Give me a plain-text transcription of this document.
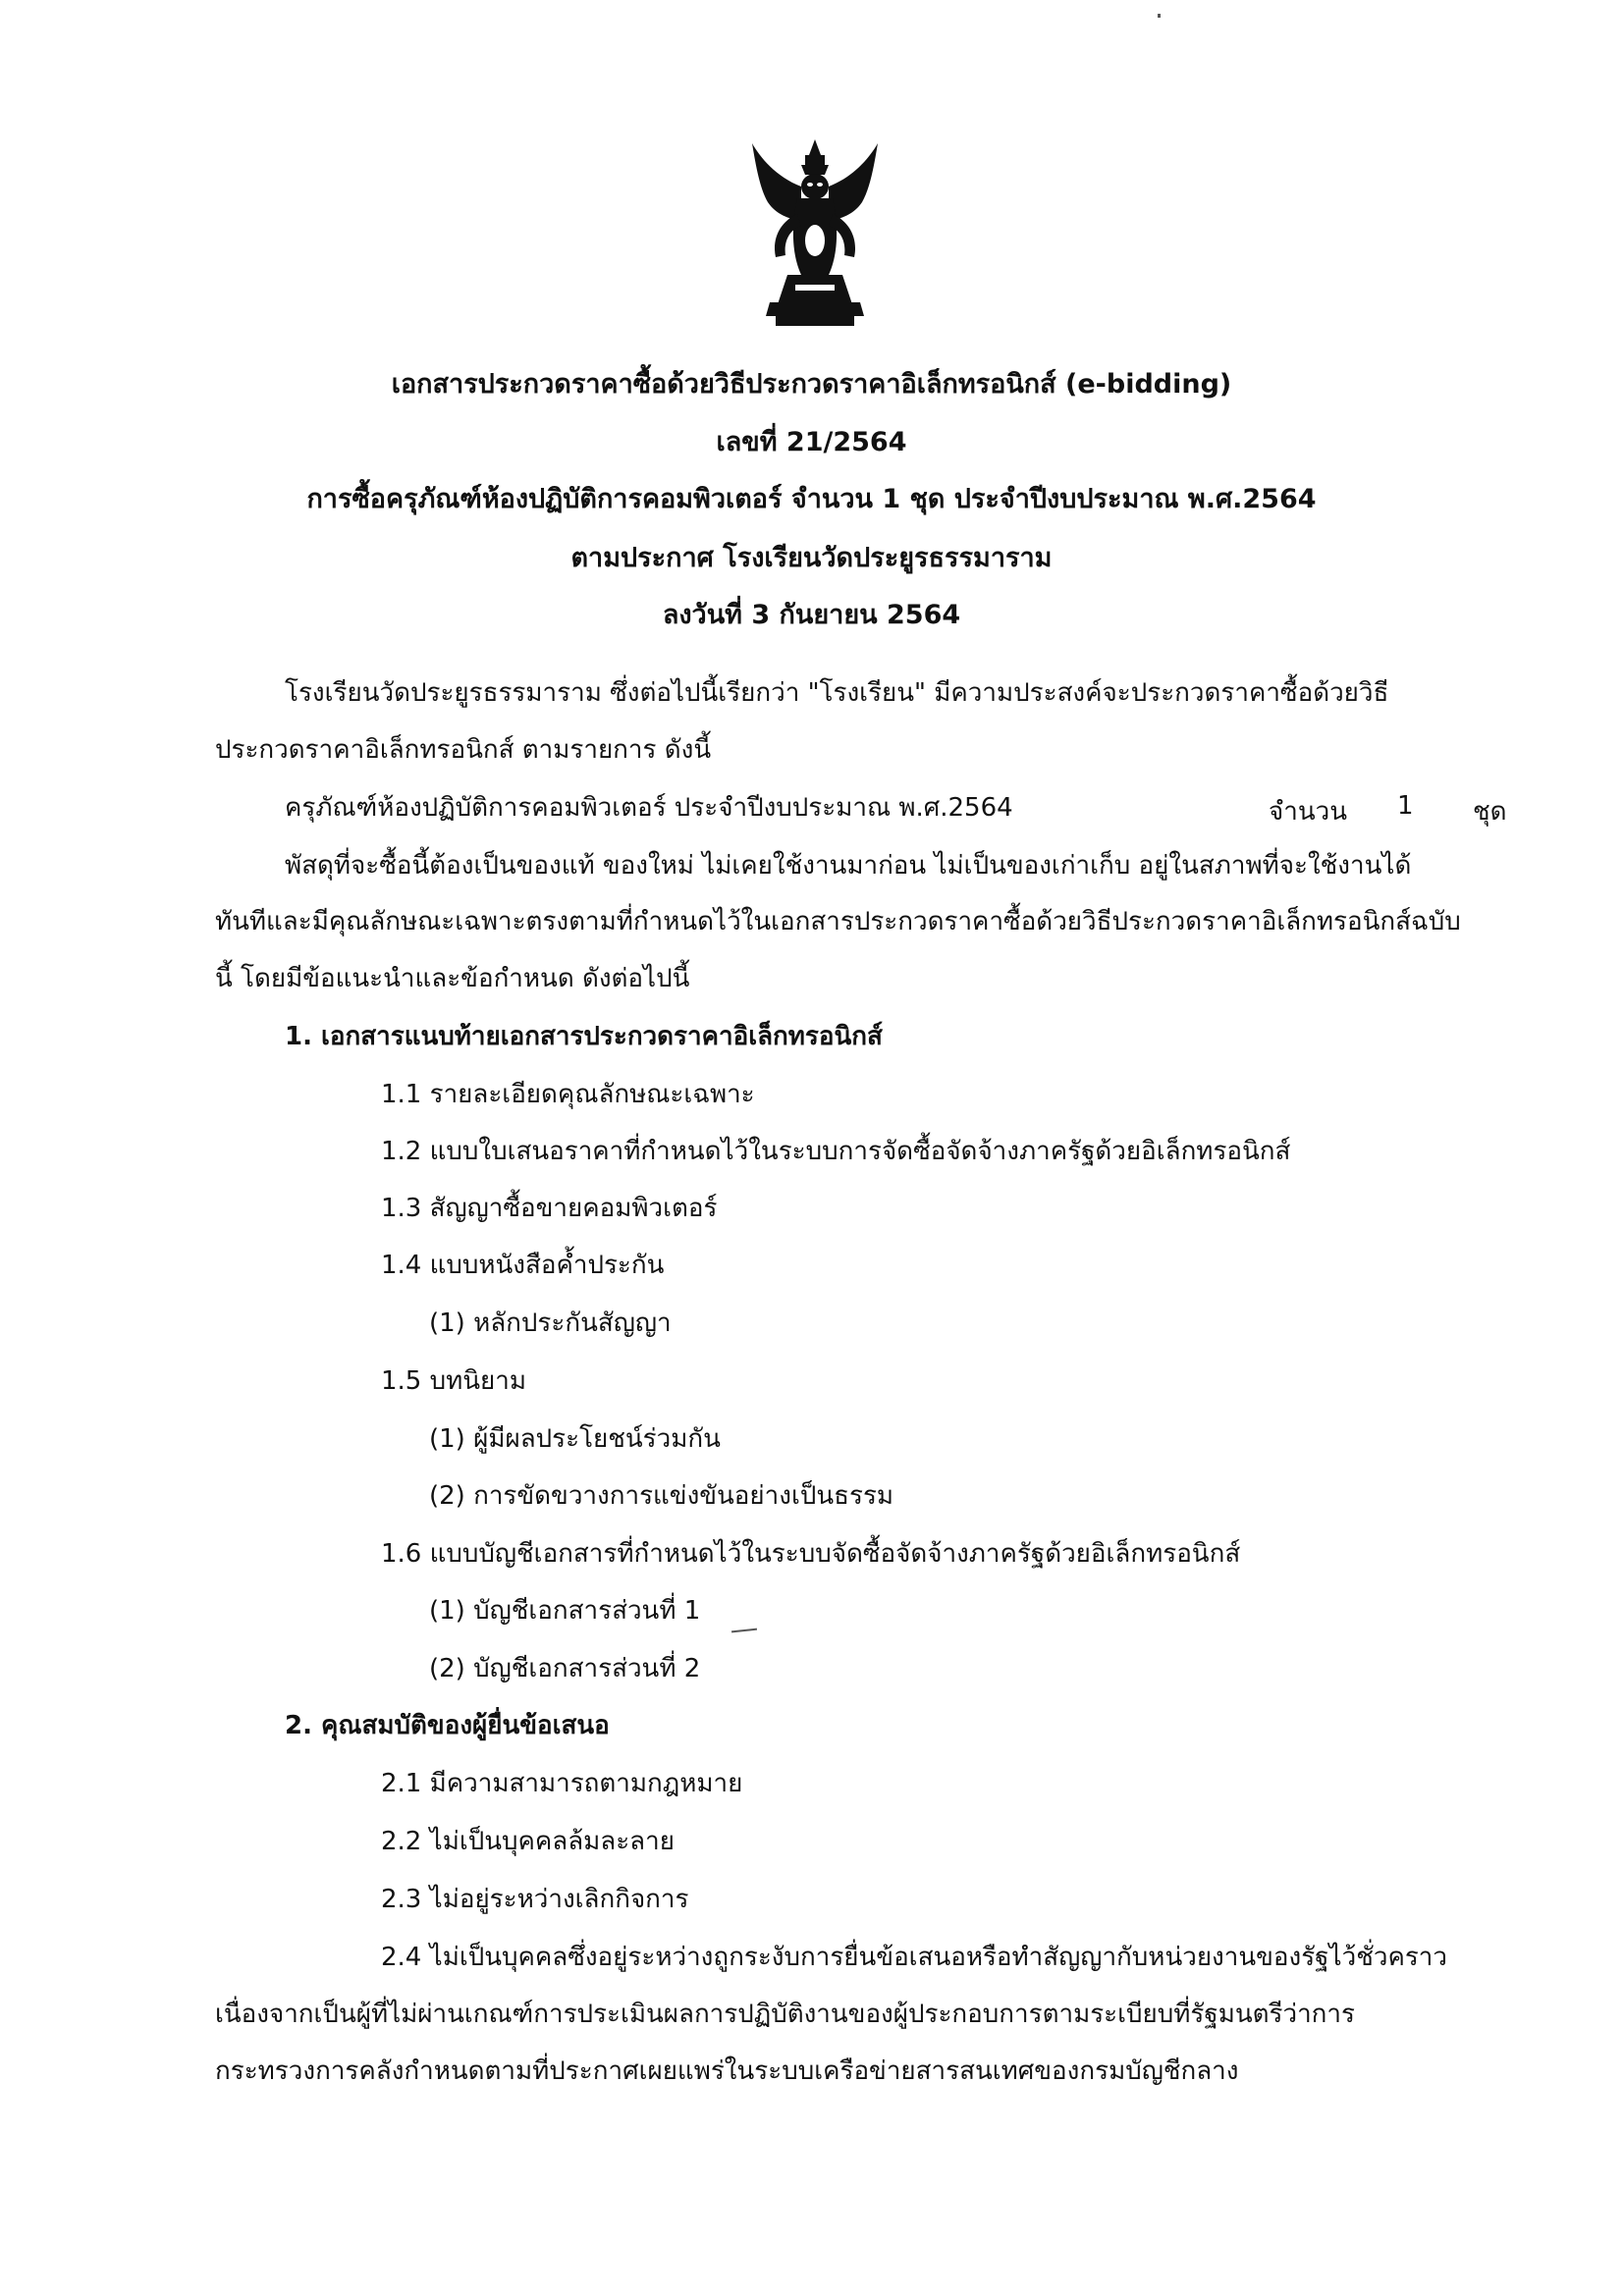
เอกสารประกวดราคาซื้อด้วยวิธีประกวดราคาอิเล็กทรอนิกส์ (e-bidding)
เลขที่ 21/2564
การซื้อครุภัณฑ์ห้องปฏิบัติการคอมพิวเตอร์ จำนวน 1 ชุด ประจำปีงบประมาณ พ.ศ.2564
ตามประกาศ โรงเรียนวัดประยูรธรรมาราม
ลงวันที่ 3 กันยายน 2564
โรงเรียนวัดประยูรธรรมาราม ซึ่งต่อไปนี้เรียกว่า "โรงเรียน" มีความประสงค์จะประกวดราคาซื้อด้วยวิธี
ประกวดราคาอิเล็กทรอนิกส์ ตามรายการ ดังนี้
ครุภัณฑ์ห้องปฏิบัติการคอมพิวเตอร์ ประจำปีงบประมาณ พ.ศ.2564	จำนวน 1 ชุด
พัสดุที่จะซื้อนี้ต้องเป็นของแท้ ของใหม่ ไม่เคยใช้งานมาก่อน ไม่เป็นของเก่าเก็บ อยู่ในสภาพที่จะใช้งานได้
ทันทีและมีคุณลักษณะเฉพาะตรงตามที่กำหนดไว้ในเอกสารประกวดราคาซื้อด้วยวิธีประกวดราคาอิเล็กทรอนิกส์ฉบับ
นี้ โดยมีข้อแนะนำและข้อกำหนด ดังต่อไปนี้
1. เอกสารแนบท้ายเอกสารประกวดราคาอิเล็กทรอนิกส์
1.1 รายละเอียดคุณลักษณะเฉพาะ
1.2 แบบใบเสนอราคาที่กำหนดไว้ในระบบการจัดซื้อจัดจ้างภาครัฐด้วยอิเล็กทรอนิกส์
1.3 สัญญาซื้อขายคอมพิวเตอร์
1.4 แบบหนังสือค้ำประกัน
(1) หลักประกันสัญญา
1.5 บทนิยาม
(1) ผู้มีผลประโยชน์ร่วมกัน
(2) การขัดขวางการแข่งขันอย่างเป็นธรรม
1.6 แบบบัญชีเอกสารที่กำหนดไว้ในระบบจัดซื้อจัดจ้างภาครัฐด้วยอิเล็กทรอนิกส์
(1) บัญชีเอกสารส่วนที่ 1
(2) บัญชีเอกสารส่วนที่ 2
2. คุณสมบัติของผู้ยื่นข้อเสนอ
2.1 มีความสามารถตามกฎหมาย
2.2 ไม่เป็นบุคคลล้มละลาย
2.3 ไม่อยู่ระหว่างเลิกกิจการ
2.4 ไม่เป็นบุคคลซึ่งอยู่ระหว่างถูกระงับการยื่นข้อเสนอหรือทำสัญญากับหน่วยงานของรัฐไว้ชั่วคราว
เนื่องจากเป็นผู้ที่ไม่ผ่านเกณฑ์การประเมินผลการปฏิบัติงานของผู้ประกอบการตามระเบียบที่รัฐมนตรีว่าการ
กระทรวงการคลังกำหนดตามที่ประกาศเผยแพร่ในระบบเครือข่ายสารสนเทศของกรมบัญชีกลาง
